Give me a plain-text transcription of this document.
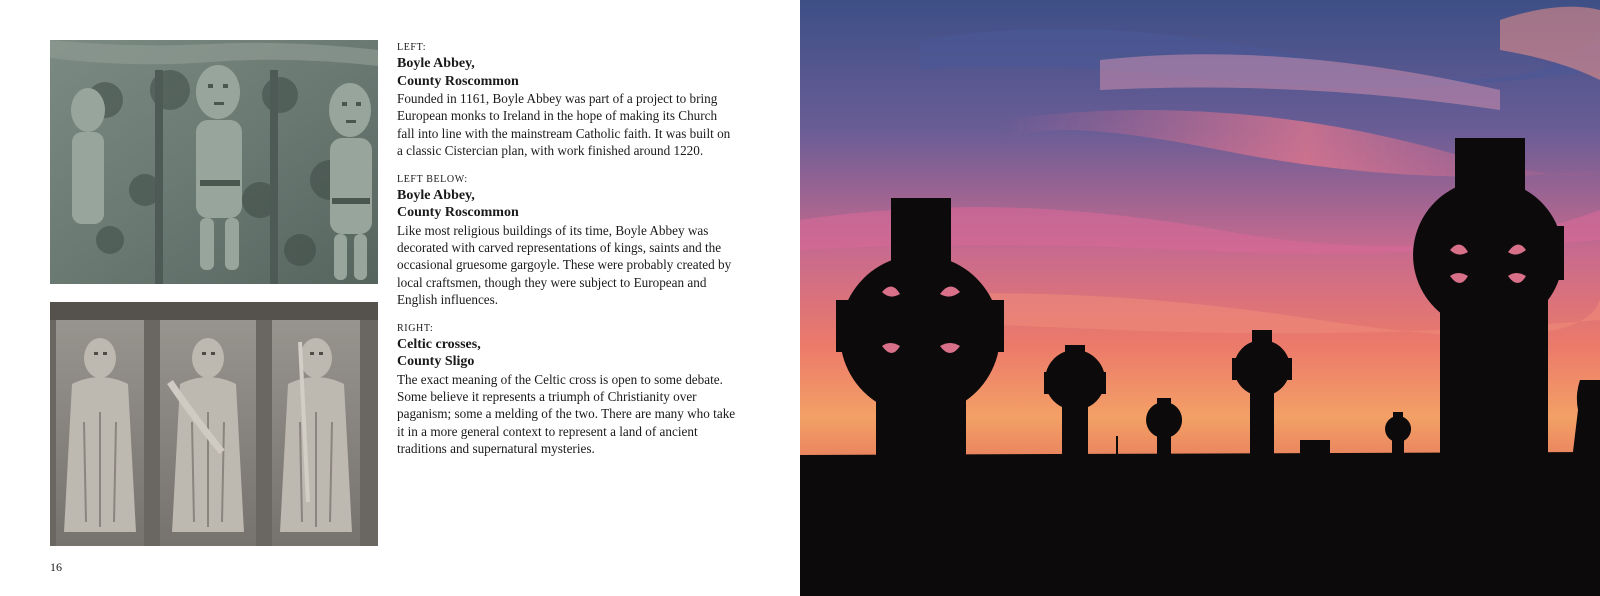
LEFT:
Boyle Abbey,
County Roscommon
Founded in 1161, Boyle Abbey was part of a project to bring European monks to Ireland in the hope of making its Church fall into line with the mainstream Catholic faith. It was built on a classic Cistercian plan, with work finished around 1220.
LEFT BELOW:
Boyle Abbey,
County Roscommon
Like most religious buildings of its time, Boyle Abbey was decorated with carved representations of kings, saints and the occasional gruesome gargoyle. These were probably created by local craftsmen, though they were subject to European and English influences.
RIGHT:
Celtic crosses,
County Sligo
The exact meaning of the Celtic cross is open to some debate. Some believe it represents a triumph of Christianity over paganism; some a melding of the two. There are many who take it in a more general context to represent a land of ancient traditions and supernatural mysteries.
16
